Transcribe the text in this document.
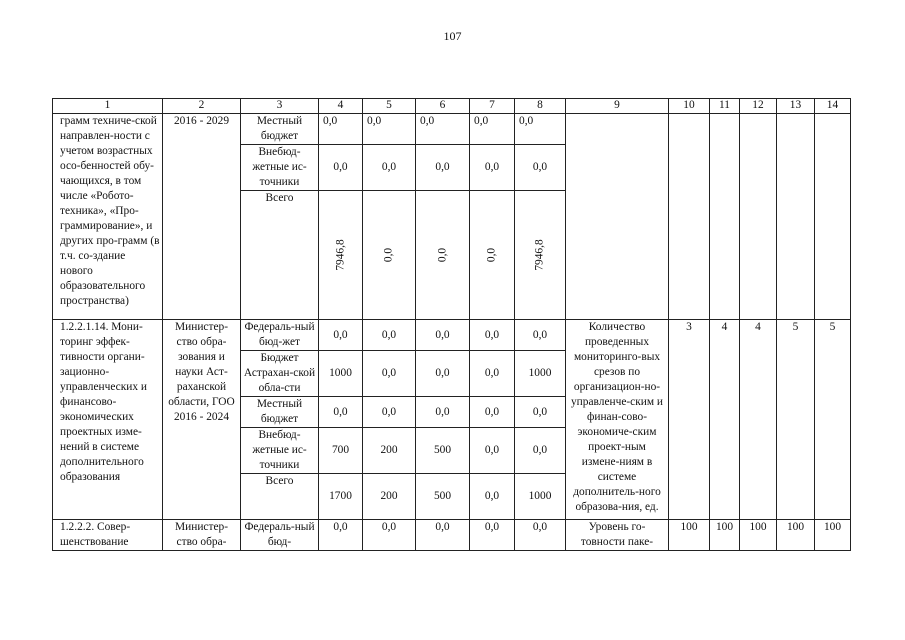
107
1	2	3	4	5	6	7	8	9	10	11	12	13	14
грамм техниче-ской направлен-ности с учетом возрастных осо-бенностей обу-чающихся, в том числе «Робото-техника», «Про-граммирование», и других про-грамм (в т.ч. со-здание нового образовательного пространства)	2016 - 2029	Местный бюджет	0,0	0,0	0,0	0,0	0,0						
		Внебюд-жетные ис-точники	0,0	0,0	0,0	0,0	0,0						
		Всего	7946,8	0,0	0,0	0,0	7946,8						

1.2.2.1.14. Мони-торинг эффек-тивности органи-зационно-управленческих и финансово-экономических проектных изме-нений в системе дополнительного образования	Министер-ство обра-зования и науки Аст-раханской области, ГОО 2016 - 2024	Федераль-ный бюд-жет	0,0	0,0	0,0	0,0	0,0	Количество проведенных мониторинго-вых срезов по организацион-но-управленче-ским и финан-сово-экономиче-ским проект-ным измене-ниям в системе дополнитель-ного образова-ния, ед.	3	4	4	5	5
		Бюджет Астрахан-ской обла-сти	1000	0,0	0,0	0,0	1000						
		Местный бюджет	0,0	0,0	0,0	0,0	0,0						
		Внебюд-жетные ис-точники	700	200	500	0,0	0,0						
		Всего	1700	200	500	0,0	1000						
1.2.2.2. Совер-шенствование	Министер-ство обра-	Федераль-ный бюд-	0,0	0,0	0,0	0,0	0,0	Уровень го-товности паке-	100	100	100	100	100
